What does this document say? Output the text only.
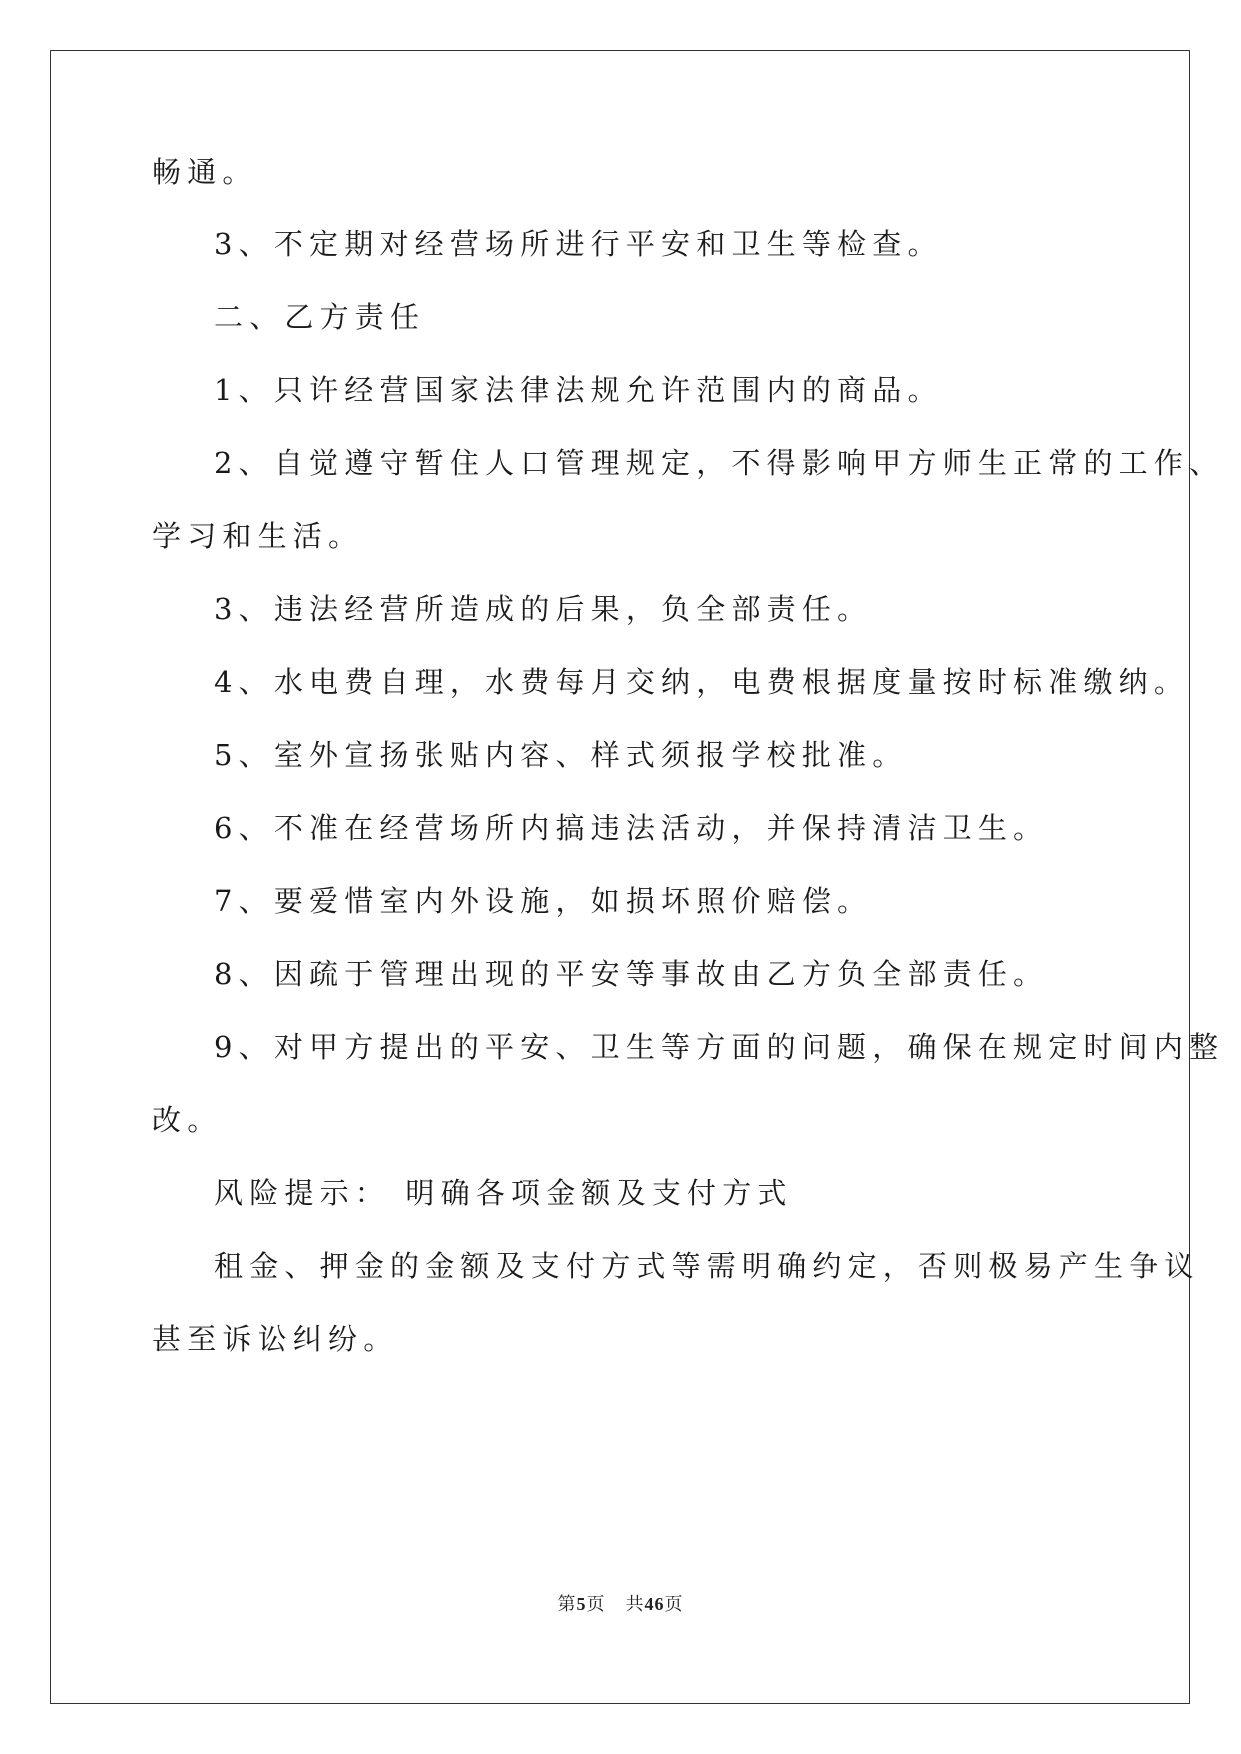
畅通。
3、不定期对经营场所进行平安和卫生等检查。
二、乙方责任
1、只许经营国家法律法规允许范围内的商品。
2、自觉遵守暂住人口管理规定，不得影响甲方师生正常的工作、
学习和生活。
3、违法经营所造成的后果，负全部责任。
4、水电费自理，水费每月交纳，电费根据度量按时标准缴纳。
5、室外宣扬张贴内容、样式须报学校批准。
6、不准在经营场所内搞违法活动，并保持清洁卫生。
7、要爱惜室内外设施，如损坏照价赔偿。
8、因疏于管理出现的平安等事故由乙方负全部责任。
9、对甲方提出的平安、卫生等方面的问题，确保在规定时间内整
改。
风险提示： 明确各项金额及支付方式
租金、押金的金额及支付方式等需明确约定，否则极易产生争议
甚至诉讼纠纷。
第5页 共46页
